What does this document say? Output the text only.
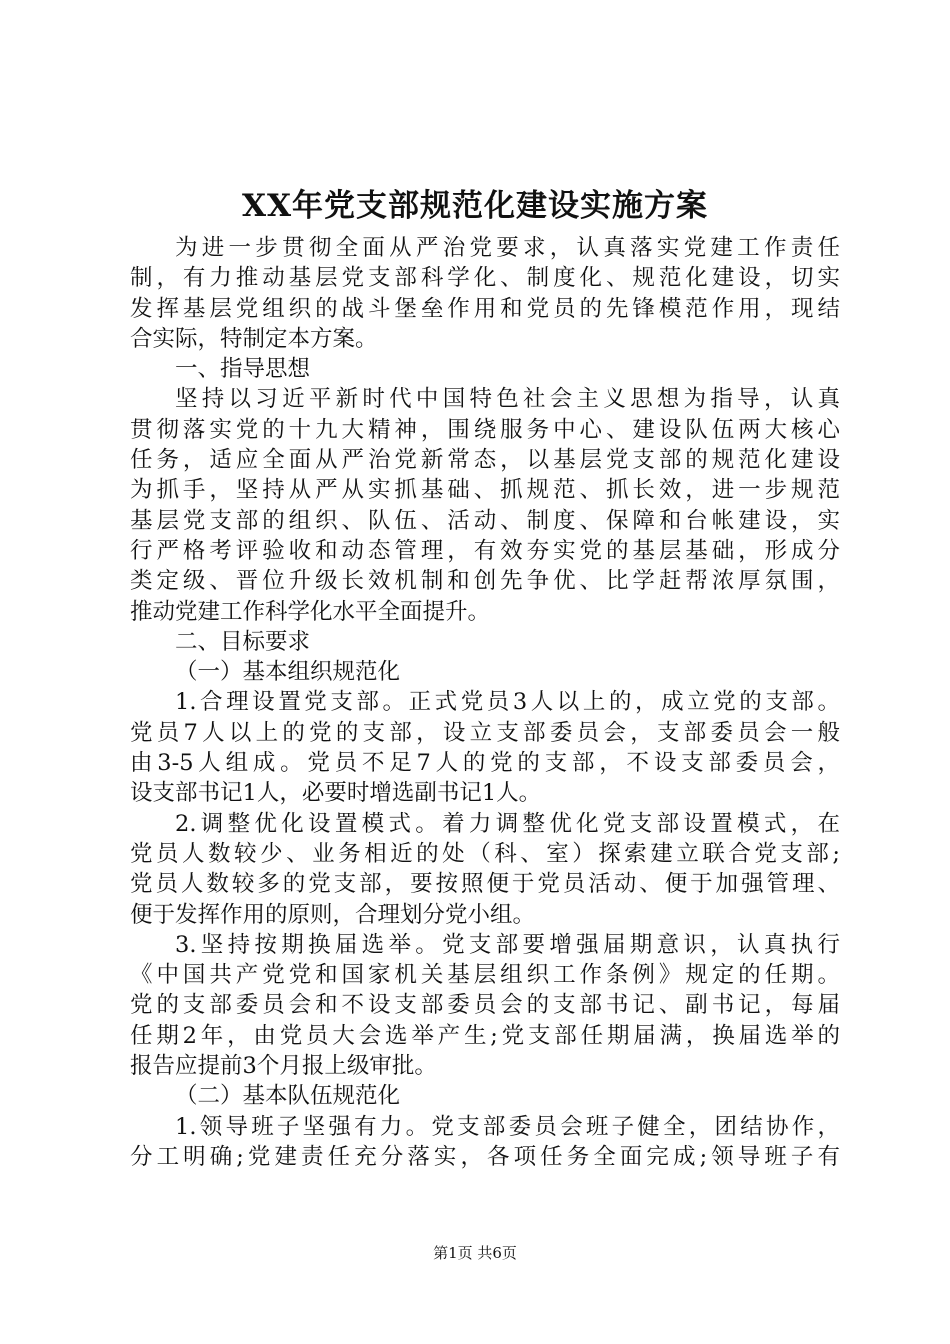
XX年党支部规范化建设实施方案
为进一步贯彻全面从严治党要求，认真落实党建工作责任
制，有力推动基层党支部科学化、制度化、规范化建设，切实
发挥基层党组织的战斗堡垒作用和党员的先锋模范作用，现结
合实际，特制定本方案。
一、指导思想
坚持以习近平新时代中国特色社会主义思想为指导，认真
贯彻落实党的十九大精神，围绕服务中心、建设队伍两大核心
任务，适应全面从严治党新常态，以基层党支部的规范化建设
为抓手，坚持从严从实抓基础、抓规范、抓长效，进一步规范
基层党支部的组织、队伍、活动、制度、保障和台帐建设，实
行严格考评验收和动态管理，有效夯实党的基层基础，形成分
类定级、晋位升级长效机制和创先争优、比学赶帮浓厚氛围，
推动党建工作科学化水平全面提升。
二、目标要求
（一）基本组织规范化
1.合理设置党支部。正式党员3人以上的，成立党的支部。
党员7人以上的党的支部，设立支部委员会，支部委员会一般
由3-5人组成。党员不足7人的党的支部，不设支部委员会，
设支部书记1人，必要时增选副书记1人。
2.调整优化设置模式。着力调整优化党支部设置模式，在
党员人数较少、业务相近的处（科、室）探索建立联合党支部;
党员人数较多的党支部，要按照便于党员活动、便于加强管理、
便于发挥作用的原则，合理划分党小组。
3.坚持按期换届选举。党支部要增强届期意识，认真执行
《中国共产党党和国家机关基层组织工作条例》规定的任期。
党的支部委员会和不设支部委员会的支部书记、副书记，每届
任期2年，由党员大会选举产生;党支部任期届满，换届选举的
报告应提前3个月报上级审批。
（二）基本队伍规范化
1.领导班子坚强有力。党支部委员会班子健全，团结协作，
分工明确;党建责任充分落实，各项任务全面完成;领导班子有
第1页 共6页
